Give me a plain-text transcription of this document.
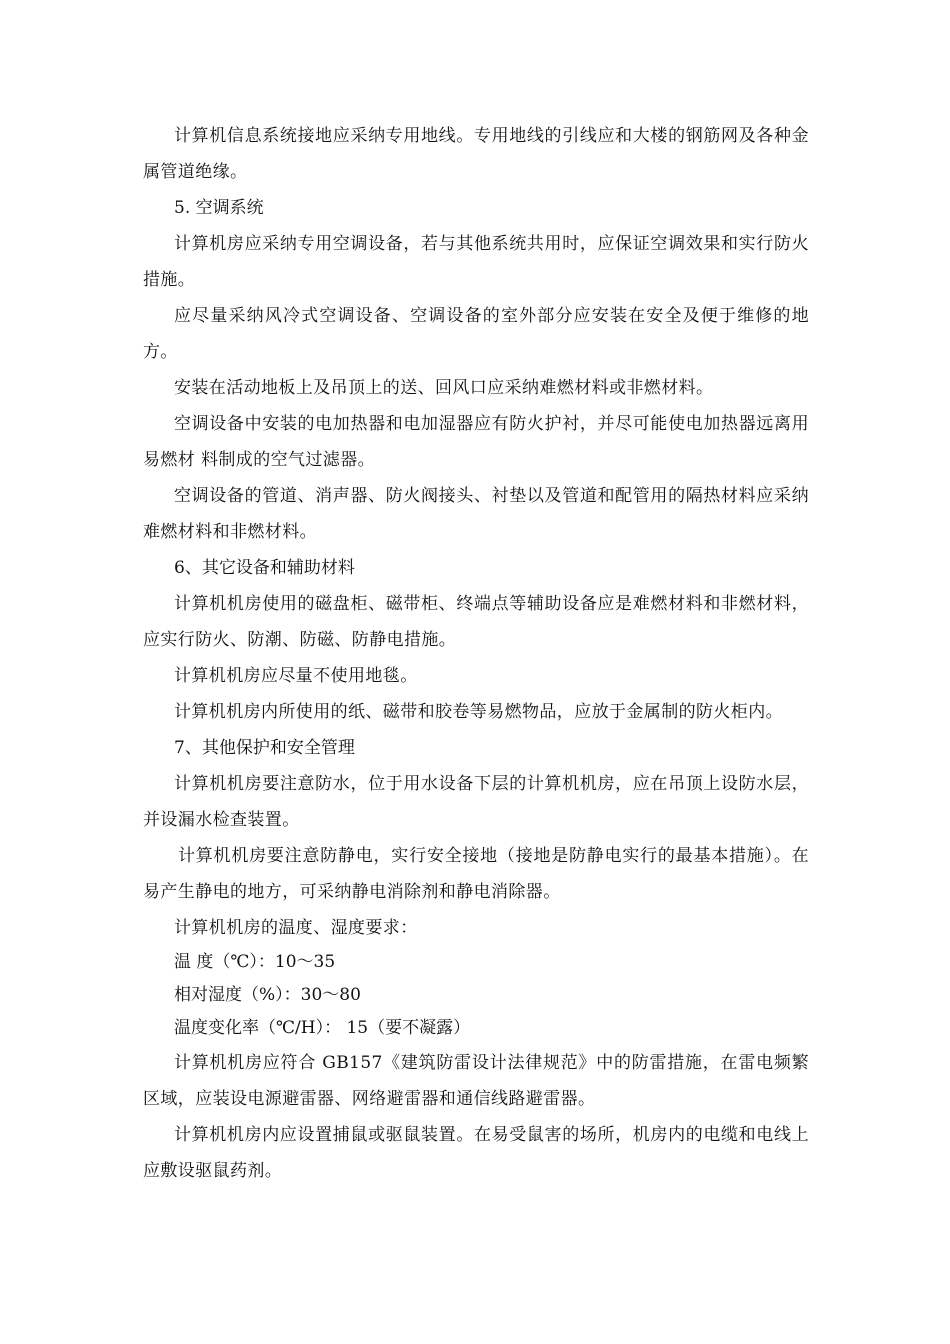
计算机信息系统接地应采纳专用地线。专用地线的引线应和大楼的钢筋网及各种金属管道绝缘。

5. 空调系统

计算机房应采纳专用空调设备，若与其他系统共用时，应保证空调效果和实行防火措施。

应尽量采纳风冷式空调设备、空调设备的室外部分应安装在安全及便于维修的地方。

安装在活动地板上及吊顶上的送、回风口应采纳难燃材料或非燃材料。

空调设备中安装的电加热器和电加湿器应有防火护衬，并尽可能使电加热器远离用易燃材 料制成的空气过滤器。

空调设备的管道、消声器、防火阀接头、衬垫以及管道和配管用的隔热材料应采纳难燃材料和非燃材料。

6、其它设备和辅助材料

计算机机房使用的磁盘柜、磁带柜、终端点等辅助设备应是难燃材料和非燃材料，应实行防火、防潮、防磁、防静电措施。

计算机机房应尽量不使用地毯。

计算机机房内所使用的纸、磁带和胶卷等易燃物品，应放于金属制的防火柜内。

7、其他保护和安全管理

计算机机房要注意防水，位于用水设备下层的计算机机房，应在吊顶上设防水层，并设漏水检查装置。

计算机机房要注意防静电，实行安全接地（接地是防静电实行的最基本措施）。在易产生静电的地方，可采纳静电消除剂和静电消除器。

计算机机房的温度、湿度要求：

温 度（℃）：10～35

相对湿度（%）：30～80

温度变化率（℃/H）： 15（要不凝露）

计算机机房应符合 GB157《建筑防雷设计法律规范》中的防雷措施，在雷电频繁区域，应装设电源避雷器、网络避雷器和通信线路避雷器。

计算机机房内应设置捕鼠或驱鼠装置。在易受鼠害的场所，机房内的电缆和电线上应敷设驱鼠药剂。
